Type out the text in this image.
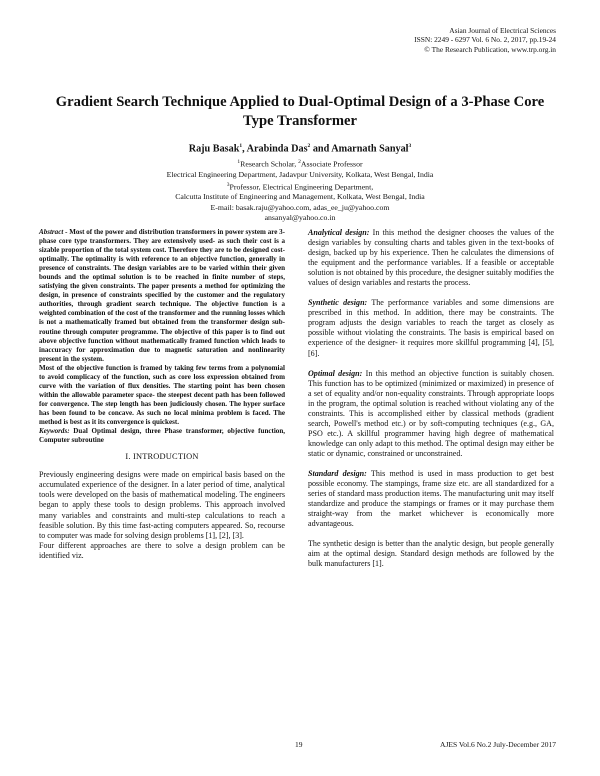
Asian Journal of Electrical Sciences
ISSN: 2249 - 6297 Vol. 6 No. 2, 2017, pp.19-24
© The Research Publication, www.trp.org.in
Gradient Search Technique Applied to Dual-Optimal Design of a 3-Phase Core Type Transformer
Raju Basak$^1$, Arabinda Das$^2$ and Amarnath Sanyal$^3$
$^1$Research Scholar, $^2$Associate Professor
Electrical Engineering Department, Jadavpur University, Kolkata, West Bengal, India
$^3$Professor, Electrical Engineering Department,
Calcutta Institute of Engineering and Management, Kolkata, West Bengal, India
E-mail: basak.raju@yahoo.com, adas_ee_ju@yahoo.com
ansanyal@yahoo.co.in

Abstract - Most of the power and distribution transformers in power system are 3-phase core type transformers. They are extensively used- as such their cost is a sizable proportion of the total system cost. Therefore they are to be designed cost-optimally. The optimality is with reference to an objective function, generally in presence of constraints. The design variables are to be varied within their given bounds and the optimal solution is to be reached in finite number of steps, satisfying the given constraints. The paper presents a method for optimizing the design, in presence of constraints specified by the customer and the regulatory authorities, through gradient search technique. The objective function is a weighted combination of the cost of the transformer and the running losses which is not a mathematically framed but obtained from the transformer design sub-routine through computer programme. The objective of this paper is to find out above objective function without mathematically framed function which leads to inaccuracy for approximation due to magnetic saturation and nonlinearity present in the system.

Most of the objective function is framed by taking few terms from a polynomial to avoid complicacy of the function, such as core loss expression obtained from curve with the variation of flux densities. The starting point has been chosen within the allowable parameter space- the steepest decent path has been followed for convergence. The step length has been judiciously chosen. The hyper surface has been found to be concave. As such no local minima problem is faced. The method is best as it its convergence is quickest.

Keywords: Dual Optimal design, three Phase transformer, objective function, Computer subroutine

I. INTRODUCTION

Previously engineering designs were made on empirical basis based on the accumulated experience of the designer. In a later period of time, analytical tools were developed on the basis of mathematical modeling. The engineers began to apply these tools to design problems. This approach involved many variables and constraints and multi-step calculations to reach a feasible solution. By this time fast-acting computers appeared. So, recourse to computer was made for solving design problems [1], [2], [3].

Four different approaches are there to solve a design problem can be identified viz.

Analytical design: In this method the designer chooses the values of the design variables by consulting charts and tables given in the text-books of design, backed up by his experience. Then he calculates the dimensions of the equipment and the performance variables. If a feasible or acceptable solution is not obtained by this procedure, the designer suitably modifies the values of design variables and restarts the process.

Synthetic design: The performance variables and some dimensions are prescribed in this method. In addition, there may be constraints. The program adjusts the design variables to reach the target as closely as possible without violating the constraints. The basis is empirical based on experience of the designer- it requires more skillful programming [4], [5], [6].

Optimal design: In this method an objective function is suitably chosen. This function has to be optimized (minimized or maximized) in presence of a set of equality and/or non-equality constraints. Through appropriate loops in the program, the optimal solution is reached without violating any of the constraints. This is accomplished either by classical methods (gradient search, Powell's method etc.) or by soft-computing techniques (e.g., GA, PSO etc.). A skillful programmer having high degree of mathematical knowledge can only adapt to this method. The optimal design may either be static or dynamic, constrained or unconstrained.

Standard design: This method is used in mass production to get best possible economy. The stampings, frame size etc. are all standardized for a series of standard mass production items. The manufacturing unit may itself standardize and produce the stampings or frames or it may purchase them straight-way from the market whichever is economically more advantageous.

The synthetic design is better than the analytic design, but people generally aim at the optimal design. Standard design methods are followed by the bulk manufacturers [1].

19	AJES Vol.6 No.2 July-December 2017
